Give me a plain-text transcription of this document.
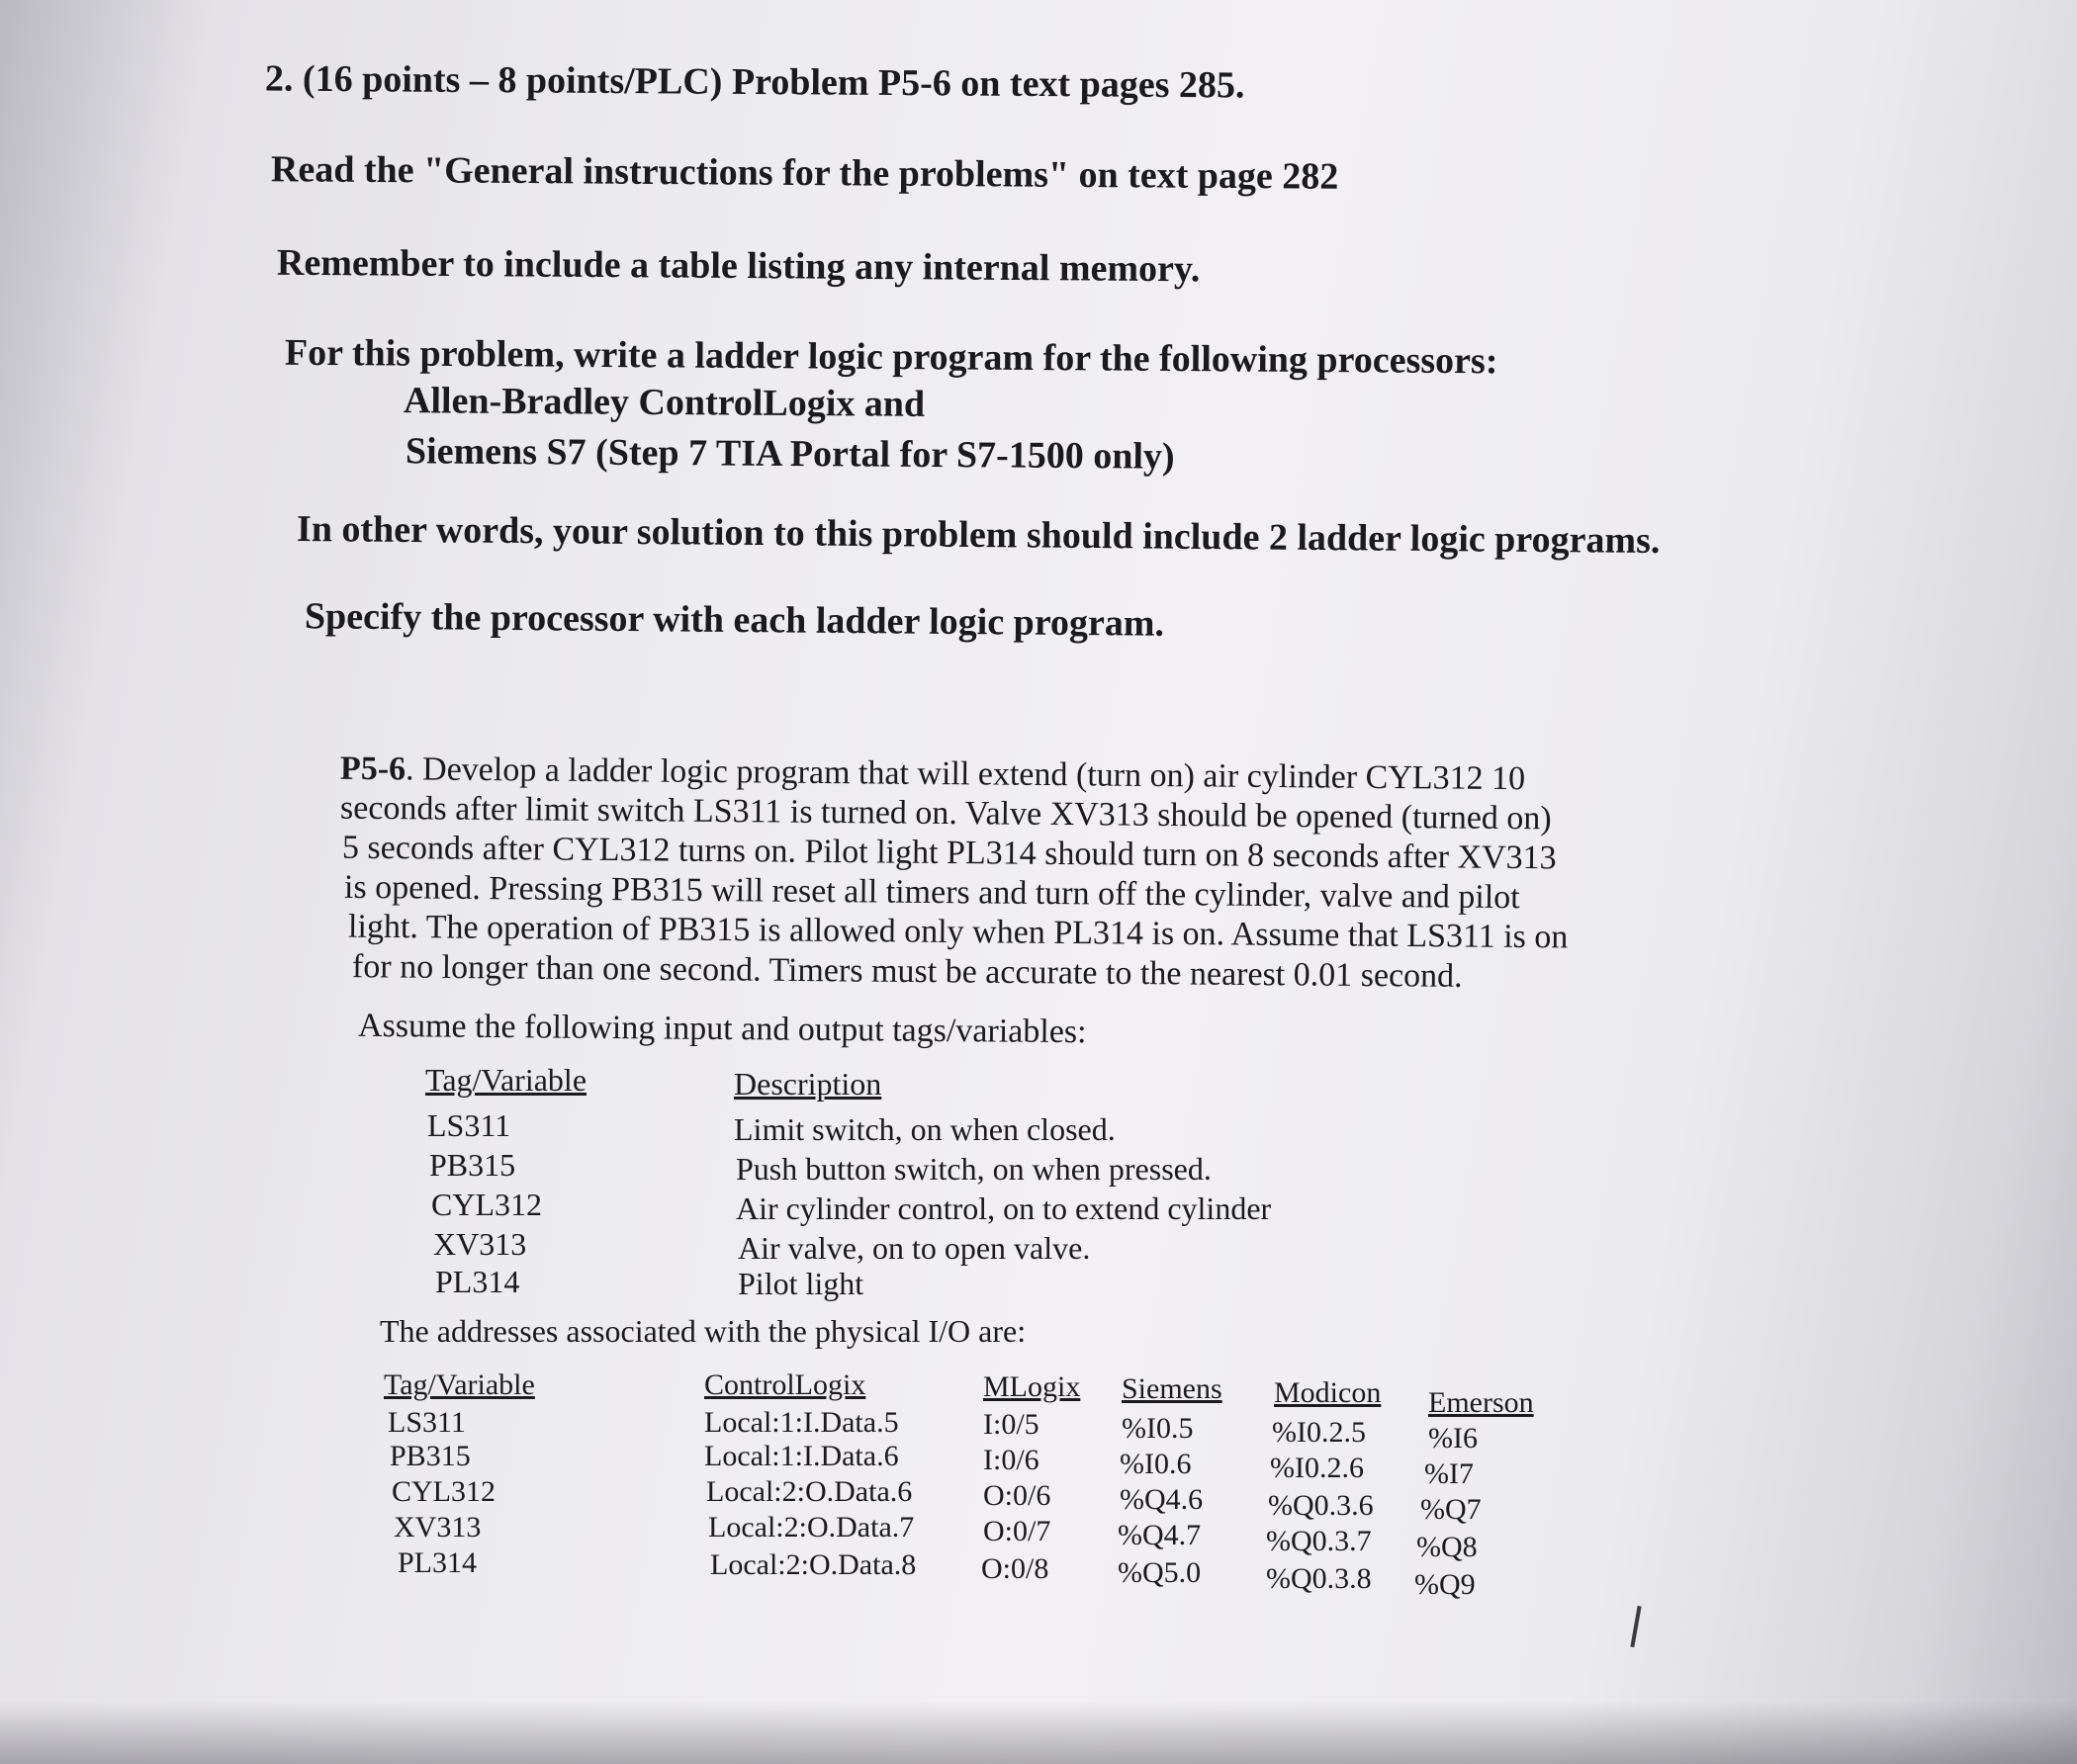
2. (16 points – 8 points/PLC) Problem P5-6 on text pages 285.
Read the "General instructions for the problems" on text page 282
Remember to include a table listing any internal memory.
For this problem, write a ladder logic program for the following processors:
Allen-Bradley ControlLogix and
Siemens S7 (Step 7 TIA Portal for S7-1500 only)
In other words, your solution to this problem should include 2 ladder logic programs.
Specify the processor with each ladder logic program.
P5-6. Develop a ladder logic program that will extend (turn on) air cylinder CYL312 10
seconds after limit switch LS311 is turned on. Valve XV313 should be opened (turned on)
5 seconds after CYL312 turns on. Pilot light PL314 should turn on 8 seconds after XV313
is opened. Pressing PB315 will reset all timers and turn off the cylinder, valve and pilot
light. The operation of PB315 is allowed only when PL314 is on. Assume that LS311 is on
for no longer than one second. Timers must be accurate to the nearest 0.01 second.
Assume the following input and output tags/variables:
Tag/Variable	Description
LS311	Limit switch, on when closed.
PB315	Push button switch, on when pressed.
CYL312	Air cylinder control, on to extend cylinder
XV313	Air valve, on to open valve.
PL314	Pilot light
The addresses associated with the physical I/O are:
Tag/Variable	ControlLogix	MLogix Siemens Modicon Emerson
LS311	Local:1:I.Data.5	I:0/5	%I0.5	%I0.2.5 %I6
PB315	Local:1:I.Data.6	I:0/6	%I0.6	%I0.2.6 %I7
CYL312	Local:2:O.Data.6 O:0/6 %Q4.6 %Q0.3.6 %Q7
XV313	Local:2:O.Data.7 O:0/7 %Q4.7 %Q0.3.7 %Q8
PL314	Local:2:O.Data.8 O:0/8 %Q5.0 %Q0.3.8 %Q9
